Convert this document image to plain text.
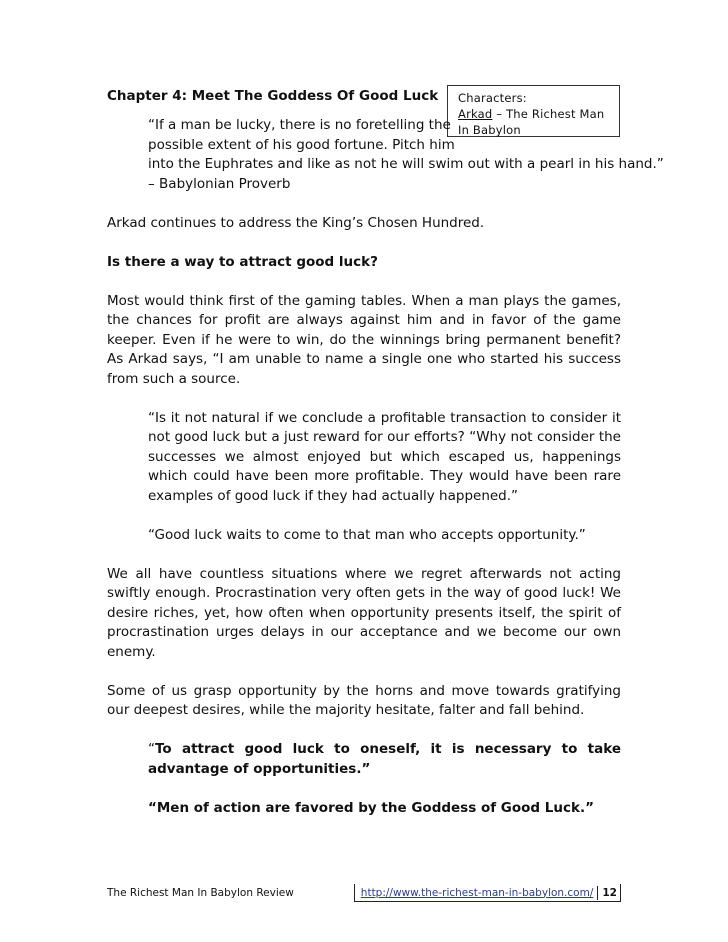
Characters:
Arkad – The Richest Man
In Babylon
Chapter 4: Meet The Goddess Of Good Luck
“If a man be lucky, there is no foretelling the
possible extent of his good fortune. Pitch him
into the Euphrates and like as not he will swim out with a pearl in his hand.”
– Babylonian Proverb

Arkad continues to address the King’s Chosen Hundred.

Is there a way to attract good luck?

Most would think first of the gaming tables. When a man plays the games, the chances for profit are always against him and in favor of the game keeper. Even if he were to win, do the winnings bring permanent benefit? As Arkad says, “I am unable to name a single one who started his success from such a source.

“Is it not natural if we conclude a profitable transaction to consider it not good luck but a just reward for our efforts? “Why not consider the successes we almost enjoyed but which escaped us, happenings which could have been more profitable. They would have been rare examples of good luck if they had actually happened.”

“Good luck waits to come to that man who accepts opportunity.”

We all have countless situations where we regret afterwards not acting swiftly enough. Procrastination very often gets in the way of good luck! We desire riches, yet, how often when opportunity presents itself, the spirit of procrastination urges delays in our acceptance and we become our own enemy.

Some of us grasp opportunity by the horns and move towards gratifying our deepest desires, while the majority hesitate, falter and fall behind.

“To attract good luck to oneself, it is necessary to take advantage of opportunities.”

“Men of action are favored by the Goddess of Good Luck.”

The Richest Man In Babylon Review	http://www.the-richest-man-in-babylon.com/ 12
